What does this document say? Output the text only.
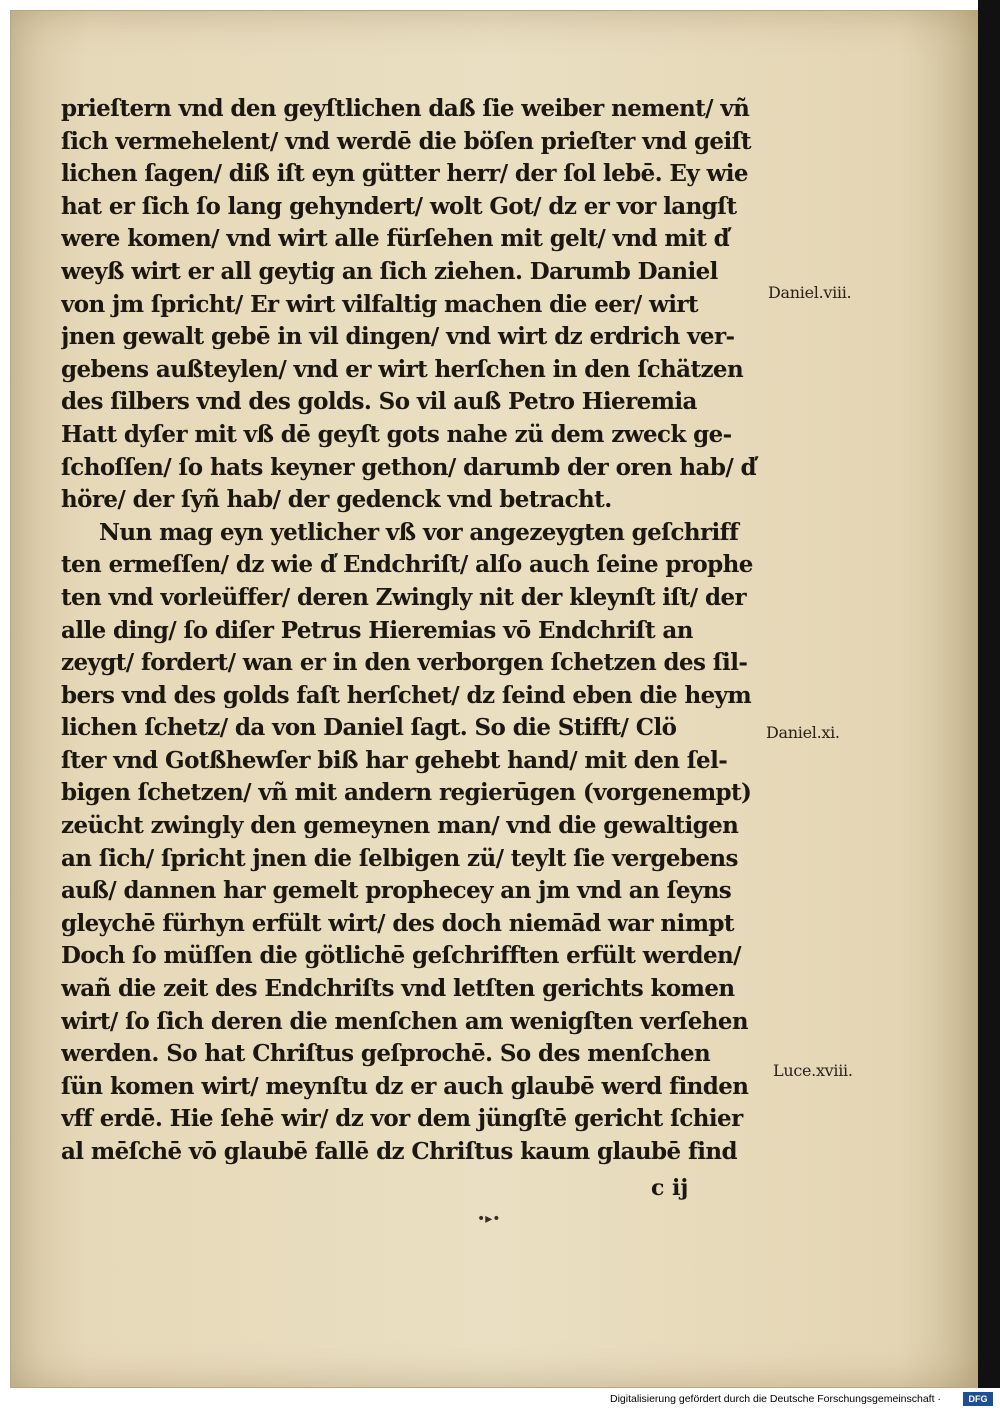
prieſtern vnd den geyſtlichen daß ſie weiber nement/ vñ
ſich vermehelent/ vnd werdē die böſen prieſter vnd geiſt
lichen ſagen/ diß iſt eyn gütter herr/ der ſol lebē. Ey wie
hat er ſich ſo lang gehyndert/ wolt Got/ dz er vor langſt
were komen/ vnd wirt alle fürſehen mit gelt/ vnd mit d̕
weyß wirt er all geytig an ſich ziehen. Darumb Daniel
von jm ſpricht/ Er wirt vilfaltig machen die eer/ wirt
jnen gewalt gebē in vil dingen/ vnd wirt dz erdrich ver-
gebens außteylen/ vnd er wirt herſchen in den ſchätzen
des ſilbers vnd des golds. So vil auß Petro Hieremia
Hatt dyſer mit vß dē geyſt gots nahe zü dem zweck ge-
ſchoſſen/ ſo hats keyner gethon/ darumb der oren hab/ d̕
höre/ der ſyñ hab/ der gedenck vnd betracht.
Nun mag eyn yetlicher vß vor angezeygten geſchriff
ten ermeſſen/ dz wie d̕ Endchriſt/ alſo auch ſeine prophe
ten vnd vorleüffer/ deren Zwingly nit der kleynſt iſt/ der
alle ding/ ſo diſer Petrus Hieremias vō Endchriſt an
zeygt/ fordert/ wan er in den verborgen ſchetzen des ſil-
bers vnd des golds faſt herſchet/ dz ſeind eben die heym
lichen ſchetz/ da von Daniel ſagt. So die Stifft/ Clö
ſter vnd Gotßhewſer biß har gehebt hand/ mit den ſel-
bigen ſchetzen/ vñ mit andern regierūgen (vorgenempt)
zeücht zwingly den gemeynen man/ vnd die gewaltigen
an ſich/ ſpricht jnen die ſelbigen zü/ teylt ſie vergebens
auß/ dannen har gemelt prophecey an jm vnd an ſeyns
gleychē fürhyn erfült wirt/ des doch niemād war nimpt
Doch ſo müſſen die götlichē geſchrifften erfült werden/
wañ die zeit des Endchriſts vnd letſten gerichts komen
wirt/ ſo ſich deren die menſchen am wenigſten verſehen
werden. So hat Chriſtus geſprochē. So des menſchen
ſün komen wirt/ meynſtu dz er auch glaubē werd finden
vff erdē. Hie ſehē wir/ dz vor dem jüngſtē gericht ſchier
al mēſchē vō glaubē fallē dz Chriſtus kaum glaubē find
Daniel.viii.
Daniel.xi.
Luce.xviii.
c ij
•▸•
Digitalisierung gefördert durch die Deutsche Forschungsgemeinschaft ·	DFG
